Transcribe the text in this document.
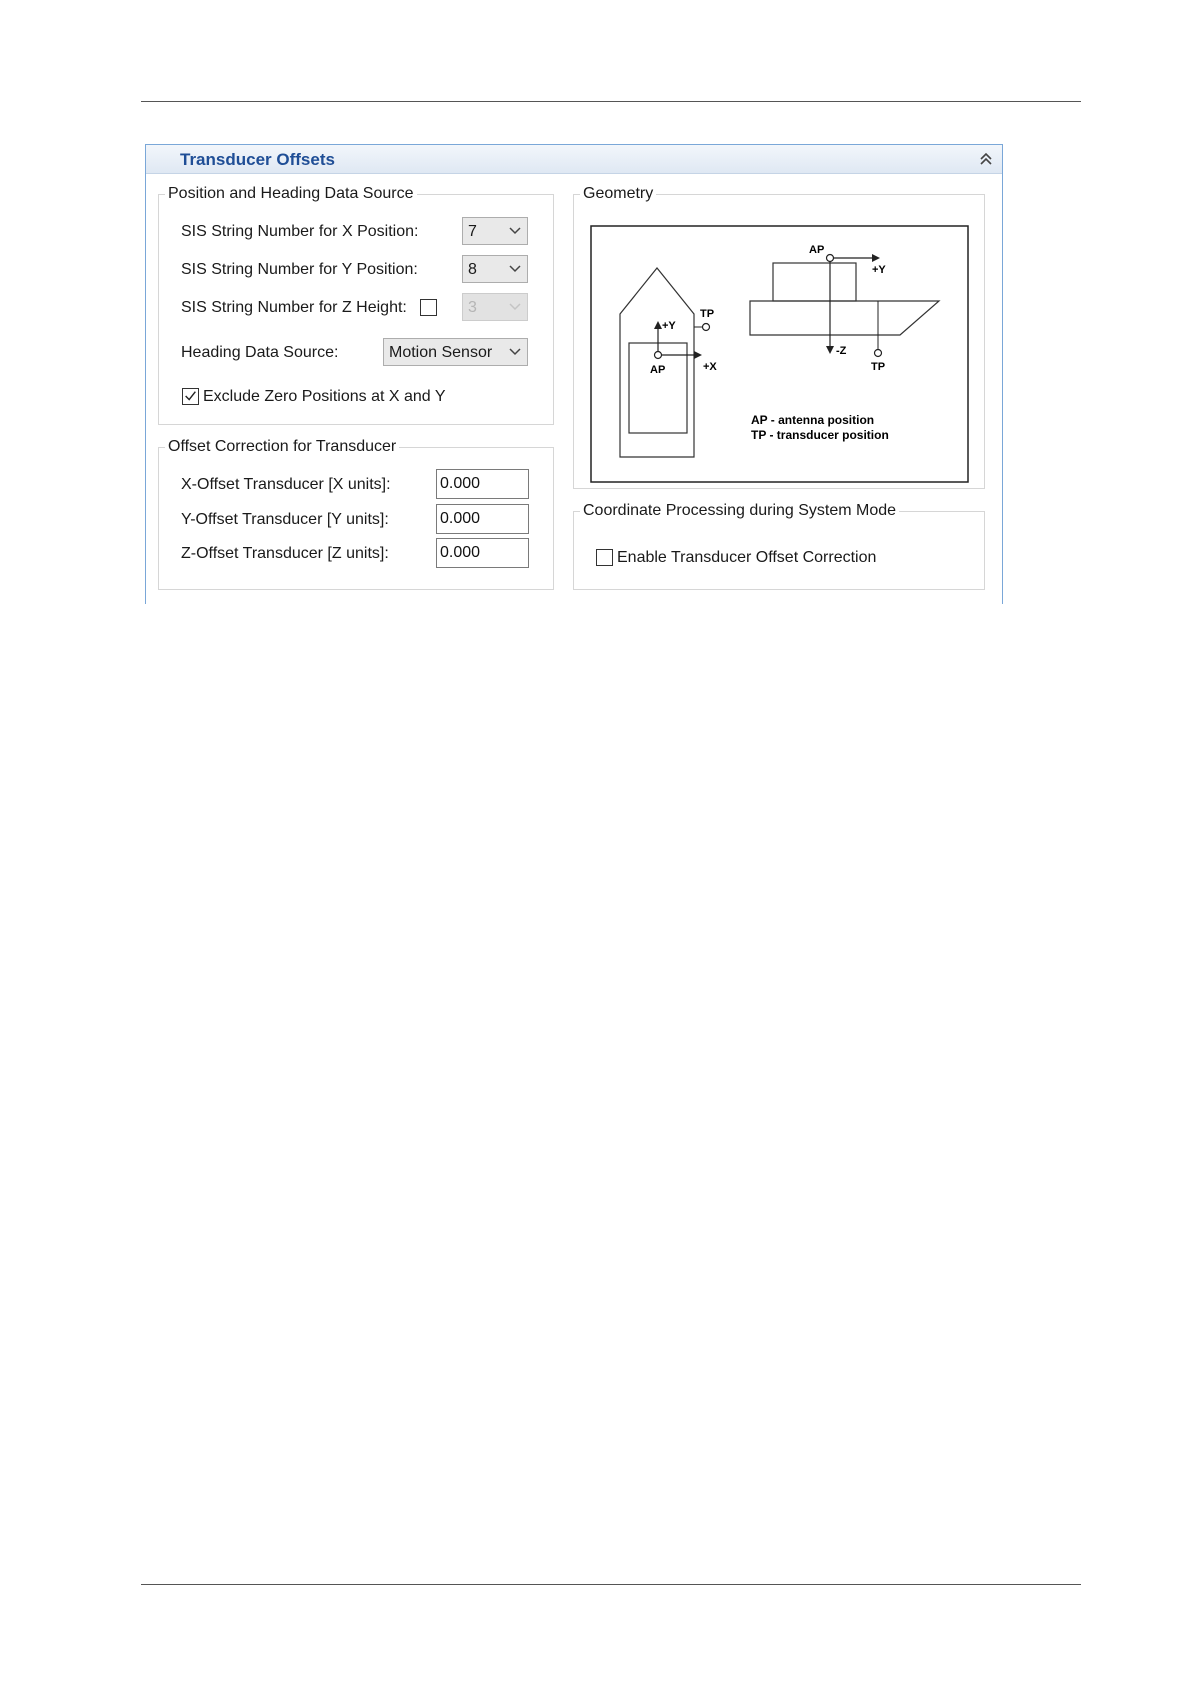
Transducer Offsets
Position and Heading Data Source
SIS String Number for X Position:	7
SIS String Number for Y Position:	8
SIS String Number for Z Height:	3
Heading Data Source:	Motion Sensor
Exclude Zero Positions at X and Y
Offset Correction for Transducer
X-Offset Transducer [X units]:
0.000
Y-Offset Transducer [Y units]:
0.000
Z-Offset Transducer [Z units]:
0.000
Geometry
+Y
TP
+X
AP
AP
+Y
-Z
TP
AP - antenna position
TP - transducer position
Coordinate Processing during System Mode
Enable Transducer Offset Correction
